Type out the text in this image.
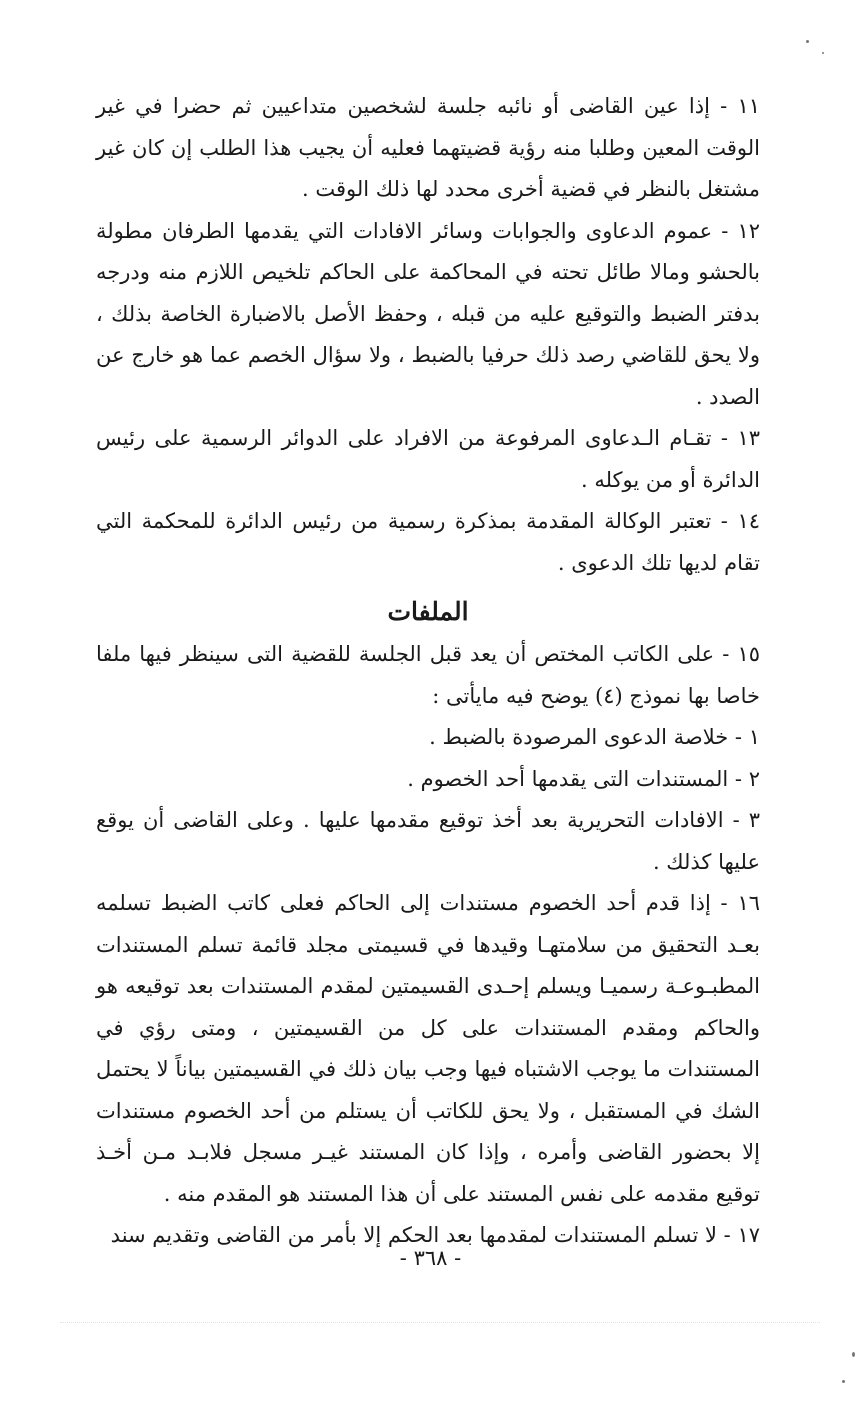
١١ - إذا عين القاضى أو نائبه جلسة لشخصين متداعيين ثم حضرا في غير الوقت المعين وطلبا منه رؤية قضيتهما فعليه أن يجيب هذا الطلب إن كان غير مشتغل بالنظر في قضية أخرى محدد لها ذلك الوقت .

١٢ - عموم الدعاوى والجوابات وسائر الافادات التي يقدمها الطرفان مطولة بالحشو ومالا طائل تحته في المحاكمة على الحاكم تلخيص اللازم منه ودرجه بدفتر الضبط والتوقيع عليه من قبله ، وحفظ الأصل بالاضبارة الخاصة بذلك ، ولا يحق للقاضي رصد ذلك حرفيا بالضبط ، ولا سؤال الخصم عما هو خارج عن الصدد .

١٣ - تقـام الـدعاوى المرفوعة من الافراد على الدوائر الرسمية على رئيس الدائرة أو من يوكله .

١٤ - تعتبر الوكالة المقدمة بمذكرة رسمية من رئيس الدائرة للمحكمة التي تقام لديها تلك الدعوى .

الملفات

١٥ - على الكاتب المختص أن يعد قبل الجلسة للقضية التى سينظر فيها ملفا خاصا بها نموذج (٤) يوضح فيه مايأتى :

١ - خلاصة الدعوى المرصودة بالضبط .

٢ - المستندات التى يقدمها أحد الخصوم .

٣ - الافادات التحريرية بعد أخذ توقيع مقدمها عليها . وعلى القاضى أن يوقع عليها كذلك .

١٦ - إذا قدم أحد الخصوم مستندات إلى الحاكم فعلى كاتب الضبط تسلمه بعـد التحقيق من سلامتهـا وقيدها في قسيمتى مجلد قائمة تسلم المستندات المطبـوعـة رسميـا ويسلم إحـدى القسيمتين لمقدم المستندات بعد توقيعه هو والحاكم ومقدم المستندات على كل من القسيمتين ، ومتى رؤي في المستندات ما يوجب الاشتباه فيها وجب بيان ذلك في القسيمتين بياناً لا يحتمل الشك في المستقبل ، ولا يحق للكاتب أن يستلم من أحد الخصوم مستندات إلا بحضور القاضى وأمره ، وإذا كان المستند غيـر مسجل فلابـد مـن أخـذ توقيع مقدمه على نفس المستند على أن هذا المستند هو المقدم منه .

١٧ - لا تسلم المستندات لمقدمها بعد الحكم إلا بأمر من القاضى وتقديم سند

- ٣٦٨ -
